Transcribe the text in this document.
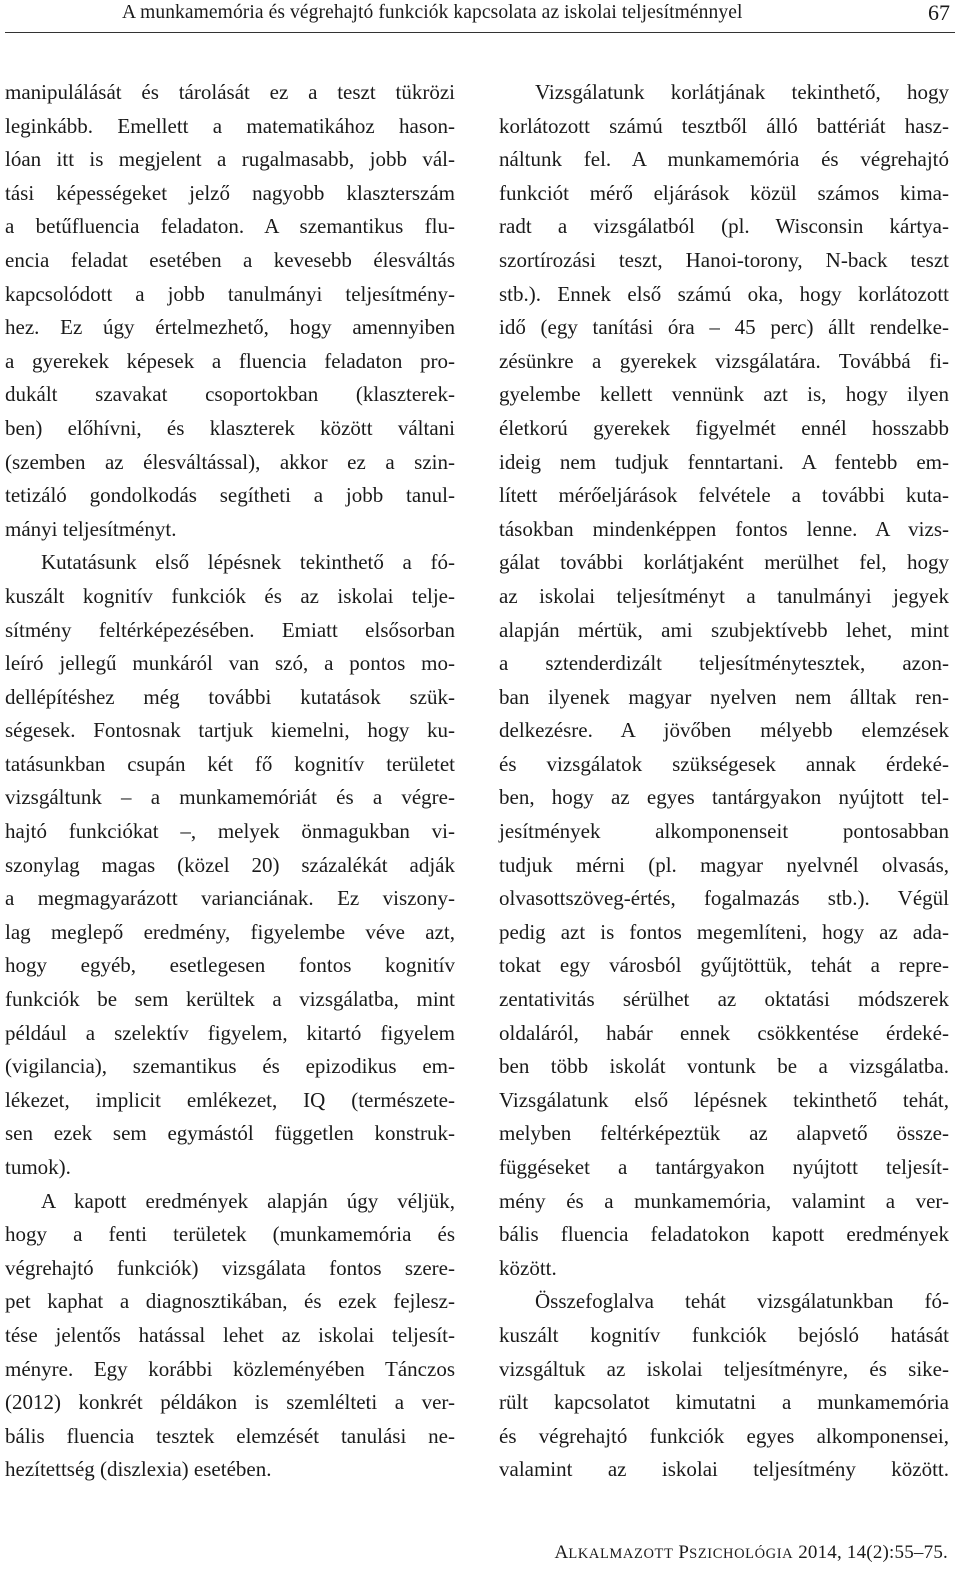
A munkamemória és végrehajtó funkciók kapcsolata az iskolai teljesítménnyel	67
manipulálását és tárolását ez a teszt tükrözi
leginkább. Emellett a matematikához hason-
lóan itt is megjelent a rugalmasabb, jobb vál-
tási képességeket jelző nagyobb klaszterszám
a betűfluencia feladaton. A szemantikus flu-
encia feladat esetében a kevesebb élesváltás
kapcsolódott a jobb tanulmányi teljesítmény-
hez. Ez úgy értelmezhető, hogy amennyiben
a gyerekek képesek a fluencia feladaton pro-
dukált szavakat csoportokban (klaszterek-
ben) előhívni, és klaszterek között váltani
(szemben az élesváltással), akkor ez a szin-
tetizáló gondolkodás segítheti a jobb tanul-
mányi teljesítményt.
Kutatásunk első lépésnek tekinthető a fó-
kuszált kognitív funkciók és az iskolai telje-
sítmény feltérképezésében. Emiatt elsősorban
leíró jellegű munkáról van szó, a pontos mo-
dellépítéshez még további kutatások szük-
ségesek. Fontosnak tartjuk kiemelni, hogy ku-
tatásunkban csupán két fő kognitív területet
vizsgáltunk – a munkamemóriát és a végre-
hajtó funkciókat –, melyek önmagukban vi-
szonylag magas (közel 20) százalékát adják
a megmagyarázott varianciának. Ez viszony-
lag meglepő eredmény, figyelembe véve azt,
hogy egyéb, esetlegesen fontos kognitív
funkciók be sem kerültek a vizsgálatba, mint
például a szelektív figyelem, kitartó figyelem
(vigilancia), szemantikus és epizodikus em-
lékezet, implicit emlékezet, IQ (természete-
sen ezek sem egymástól független konstruk-
tumok).
A kapott eredmények alapján úgy véljük,
hogy a fenti területek (munkamemória és
végrehajtó funkciók) vizsgálata fontos szere-
pet kaphat a diagnosztikában, és ezek fejlesz-
tése jelentős hatással lehet az iskolai teljesít-
ményre. Egy korábbi közleményében Tánczos
(2012) konkrét példákon is szemlélteti a ver-
bális fluencia tesztek elemzését tanulási ne-
hezítettség (diszlexia) esetében.
Vizsgálatunk korlátjának tekinthető, hogy
korlátozott számú tesztből álló battériát hasz-
náltunk fel. A munkamemória és végrehajtó
funkciót mérő eljárások közül számos kima-
radt a vizsgálatból (pl. Wisconsin kártya-
szortírozási teszt, Hanoi-torony, N-back teszt
stb.). Ennek első számú oka, hogy korlátozott
idő (egy tanítási óra – 45 perc) állt rendelke-
zésünkre a gyerekek vizsgálatára. Továbbá fi-
gyelembe kellett vennünk azt is, hogy ilyen
életkorú gyerekek figyelmét ennél hosszabb
ideig nem tudjuk fenntartani. A fentebb em-
lített mérőeljárások felvétele a további kuta-
tásokban mindenképpen fontos lenne. A vizs-
gálat további korlátjaként merülhet fel, hogy
az iskolai teljesítményt a tanulmányi jegyek
alapján mértük, ami szubjektívebb lehet, mint
a sztenderdizált teljesítménytesztek, azon-
ban ilyenek magyar nyelven nem álltak ren-
delkezésre. A jövőben mélyebb elemzések
és vizsgálatok szükségesek annak érdeké-
ben, hogy az egyes tantárgyakon nyújtott tel-
jesítmények alkomponenseit pontosabban
tudjuk mérni (pl. magyar nyelvnél olvasás,
olvasottszöveg-értés, fogalmazás stb.). Végül
pedig azt is fontos megemlíteni, hogy az ada-
tokat egy városból gyűjtöttük, tehát a repre-
zentativitás sérülhet az oktatási módszerek
oldaláról, habár ennek csökkentése érdeké-
ben több iskolát vontunk be a vizsgálatba.
Vizsgálatunk első lépésnek tekinthető tehát,
melyben feltérképeztük az alapvető össze-
függéseket a tantárgyakon nyújtott teljesít-
mény és a munkamemória, valamint a ver-
bális fluencia feladatokon kapott eredmények
között.
Összefoglalva tehát vizsgálatunkban fó-
kuszált kognitív funkciók bejósló hatását
vizsgáltuk az iskolai teljesítményre, és sike-
rült kapcsolatot kimutatni a munkamemória
és végrehajtó funkciók egyes alkomponensei,
valamint az iskolai teljesítmény között.
ALKALMAZOTT PSZICHOLÓGIA 2014, 14(2):55–75.
